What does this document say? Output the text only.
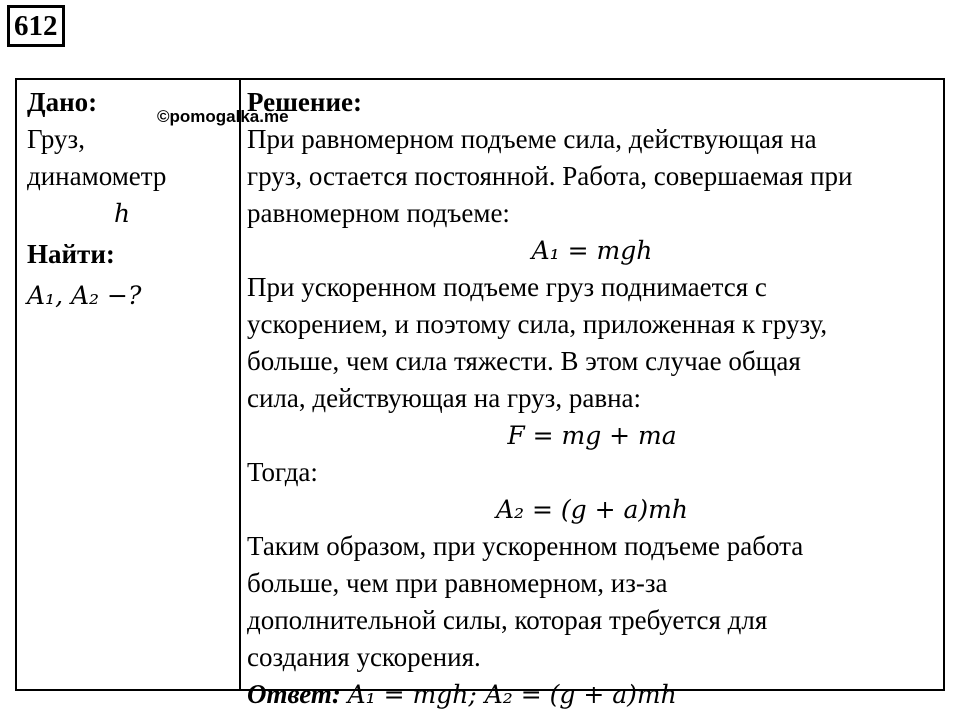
612
Дано:
Груз,
динамометр
h
Найти:
A₁, A₂ −?
Решение:
При равномерном подъеме сила, действующая на
груз, остается постоянной. Работа, совершаемая при
равномерном подъеме:
A₁ = mgh
При ускоренном подъеме груз поднимается с
ускорением, и поэтому сила, приложенная к грузу,
больше, чем сила тяжести. В этом случае общая
сила, действующая на груз, равна:
F = mg + ma
Тогда:
A₂ = (g + a)mh
Таким образом, при ускоренном подъеме работа
больше, чем при равномерном, из-за
дополнительной силы, которая требуется для
создания ускорения.
Ответ: A₁ = mgh; A₂ = (g + a)mh
©pomogalka.me
